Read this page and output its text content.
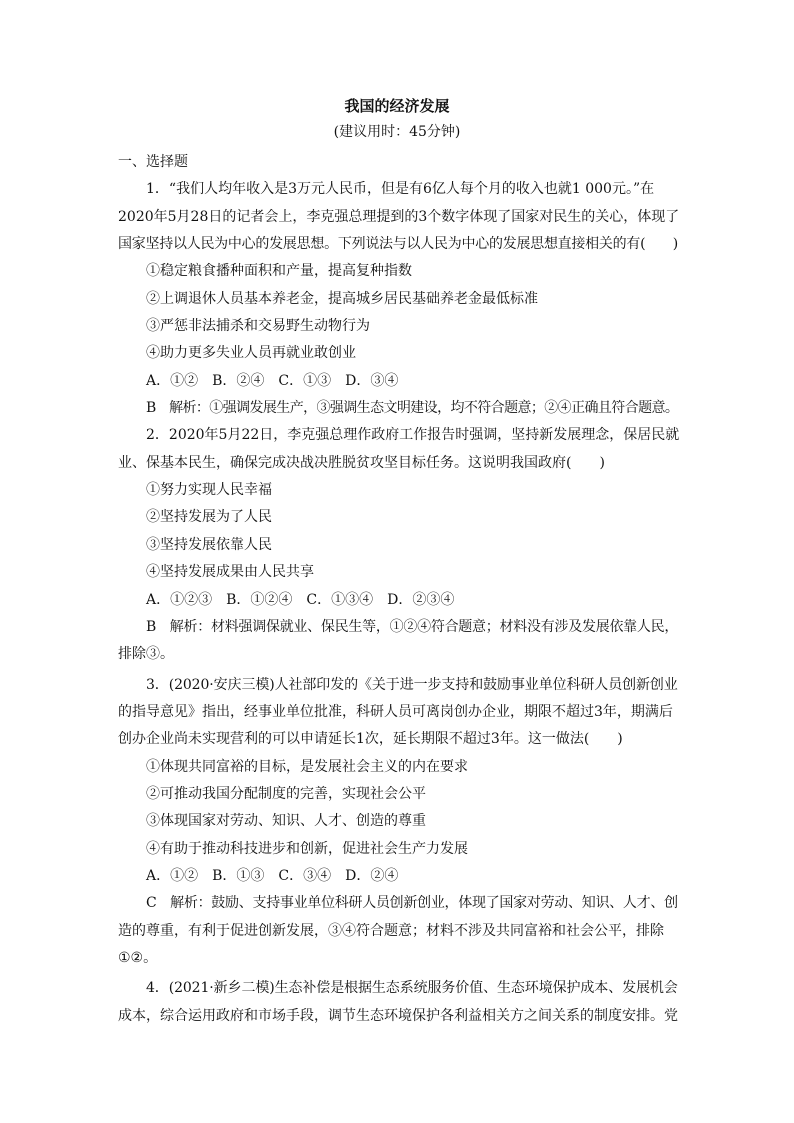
我国的经济发展
(建议用时：45分钟)
一、选择题
1．“我们人均年收入是3万元人民币，但是有6亿人每个月的收入也就1 000元。”在
2020年5月28日的记者会上，李克强总理提到的3个数字体现了国家对民生的关心，体现了
国家坚持以人民为中心的发展思想。下列说法与以人民为中心的发展思想直接相关的有(　　)
①稳定粮食播种面积和产量，提高复种指数
②上调退休人员基本养老金，提高城乡居民基础养老金最低标准
③严惩非法捕杀和交易野生动物行为
④助力更多失业人员再就业敢创业
A．①②　B．②④　C．①③　D．③④
B　解析：①强调发展生产，③强调生态文明建设，均不符合题意；②④正确且符合题意。
2．2020年5月22日，李克强总理作政府工作报告时强调，坚持新发展理念，保居民就
业、保基本民生，确保完成决战决胜脱贫攻坚目标任务。这说明我国政府(　　)
①努力实现人民幸福
②坚持发展为了人民
③坚持发展依靠人民
④坚持发展成果由人民共享
A．①②③　B．①②④　C．①③④　D．②③④
B　解析：材料强调保就业、保民生等，①②④符合题意；材料没有涉及发展依靠人民，
排除③。
3．(2020·安庆三模)人社部印发的《关于进一步支持和鼓励事业单位科研人员创新创业
的指导意见》指出，经事业单位批准，科研人员可离岗创办企业，期限不超过3年，期满后
创办企业尚未实现营利的可以申请延长1次，延长期限不超过3年。这一做法(　　)
①体现共同富裕的目标，是发展社会主义的内在要求
②可推动我国分配制度的完善，实现社会公平
③体现国家对劳动、知识、人才、创造的尊重
④有助于推动科技进步和创新，促进社会生产力发展
A．①②　B．①③　C．③④　D．②④
C　解析：鼓励、支持事业单位科研人员创新创业，体现了国家对劳动、知识、人才、创
造的尊重，有利于促进创新发展，③④符合题意；材料不涉及共同富裕和社会公平，排除
①②。
4．(2021·新乡二模)生态补偿是根据生态系统服务价值、生态环境保护成本、发展机会
成本，综合运用政府和市场手段，调节生态环境保护各利益相关方之间关系的制度安排。党
